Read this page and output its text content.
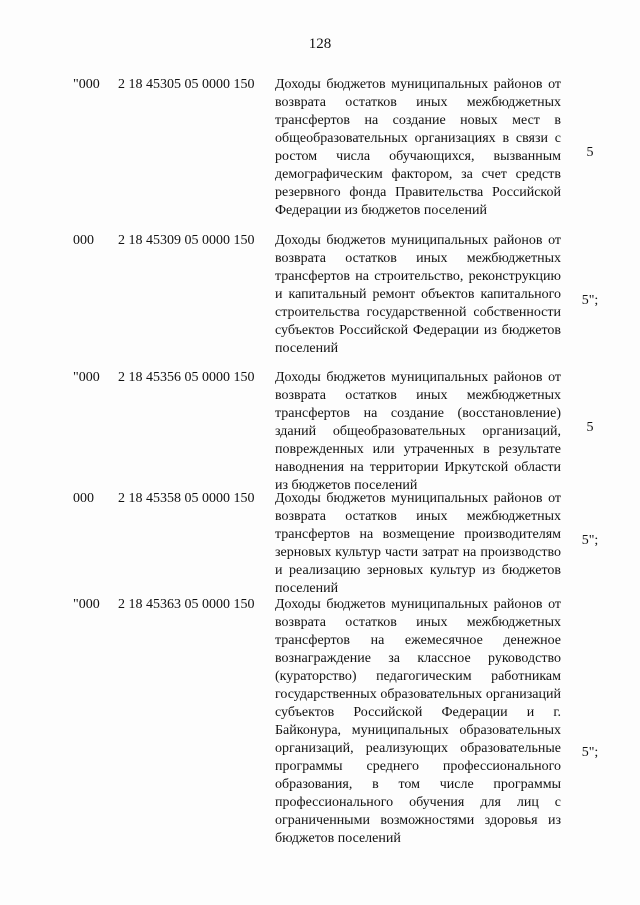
128
"000 2 18 45305 05 0000 150 Доходы бюджетов муниципальных районов от возврата остатков иных межбюджетных трансфертов на создание новых мест в общеобразовательных организациях в связи с ростом числа обучающихся, вызванным демографическим фактором, за счет средств резервного фонда Правительства Российской Федерации из бюджетов поселений
5
000 2 18 45309 05 0000 150 Доходы бюджетов муниципальных районов от возврата остатков иных межбюджетных трансфертов на строительство, реконструкцию и капитальный ремонт объектов капитального строительства государственной собственности субъектов Российской Федерации из бюджетов поселений
5";
"000 2 18 45356 05 0000 150 Доходы бюджетов муниципальных районов от возврата остатков иных межбюджетных трансфертов на создание (восстановление) зданий общеобразовательных организаций, поврежденных или утраченных в результате наводнения на территории Иркутской области из бюджетов поселений
5
000 2 18 45358 05 0000 150 Доходы бюджетов муниципальных районов от возврата остатков иных межбюджетных трансфертов на возмещение производителям зерновых культур части затрат на производство и реализацию зерновых культур из бюджетов поселений
5";
"000 2 18 45363 05 0000 150 Доходы бюджетов муниципальных районов от возврата остатков иных межбюджетных трансфертов на ежемесячное денежное вознаграждение за классное руководство (кураторство) педагогическим работникам государственных образовательных организаций субъектов Российской Федерации и г. Байконура, муниципальных образовательных организаций, реализующих образовательные программы среднего профессионального образования, в том числе программы профессионального обучения для лиц с ограниченными возможностями здоровья из бюджетов поселений
5";
